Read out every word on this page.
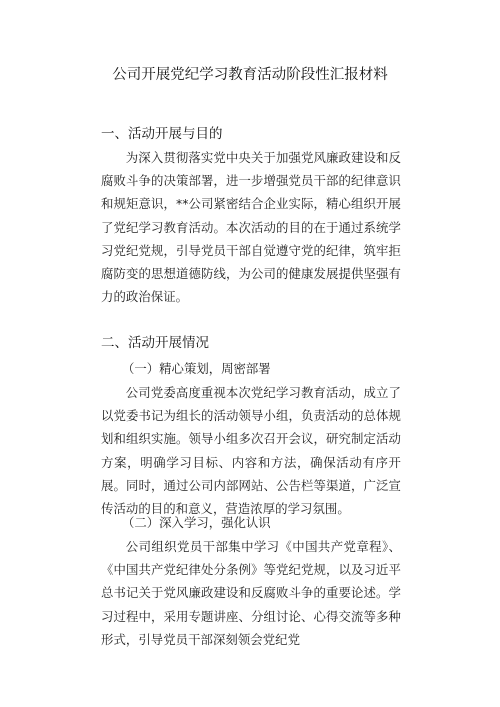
公司开展党纪学习教育活动阶段性汇报材料
一、活动开展与目的
为深入贯彻落实党中央关于加强党风廉政建设和反腐败斗争的决策部署，进一步增强党员干部的纪律意识和规矩意识，**公司紧密结合企业实际，精心组织开展了党纪学习教育活动。本次活动的目的在于通过系统学习党纪党规，引导党员干部自觉遵守党的纪律，筑牢拒腐防变的思想道德防线，为公司的健康发展提供坚强有力的政治保证。
二、活动开展情况
（一）精心策划，周密部署
公司党委高度重视本次党纪学习教育活动，成立了以党委书记为组长的活动领导小组，负责活动的总体规划和组织实施。领导小组多次召开会议，研究制定活动方案，明确学习目标、内容和方法，确保活动有序开展。同时，通过公司内部网站、公告栏等渠道，广泛宣传活动的目的和意义，营造浓厚的学习氛围。
（二）深入学习，强化认识
公司组织党员干部集中学习《中国共产党章程》、《中国共产党纪律处分条例》等党纪党规，以及习近平总书记关于党风廉政建设和反腐败斗争的重要论述。学习过程中，采用专题讲座、分组讨论、心得交流等多种形式，引导党员干部深刻领会党纪党
